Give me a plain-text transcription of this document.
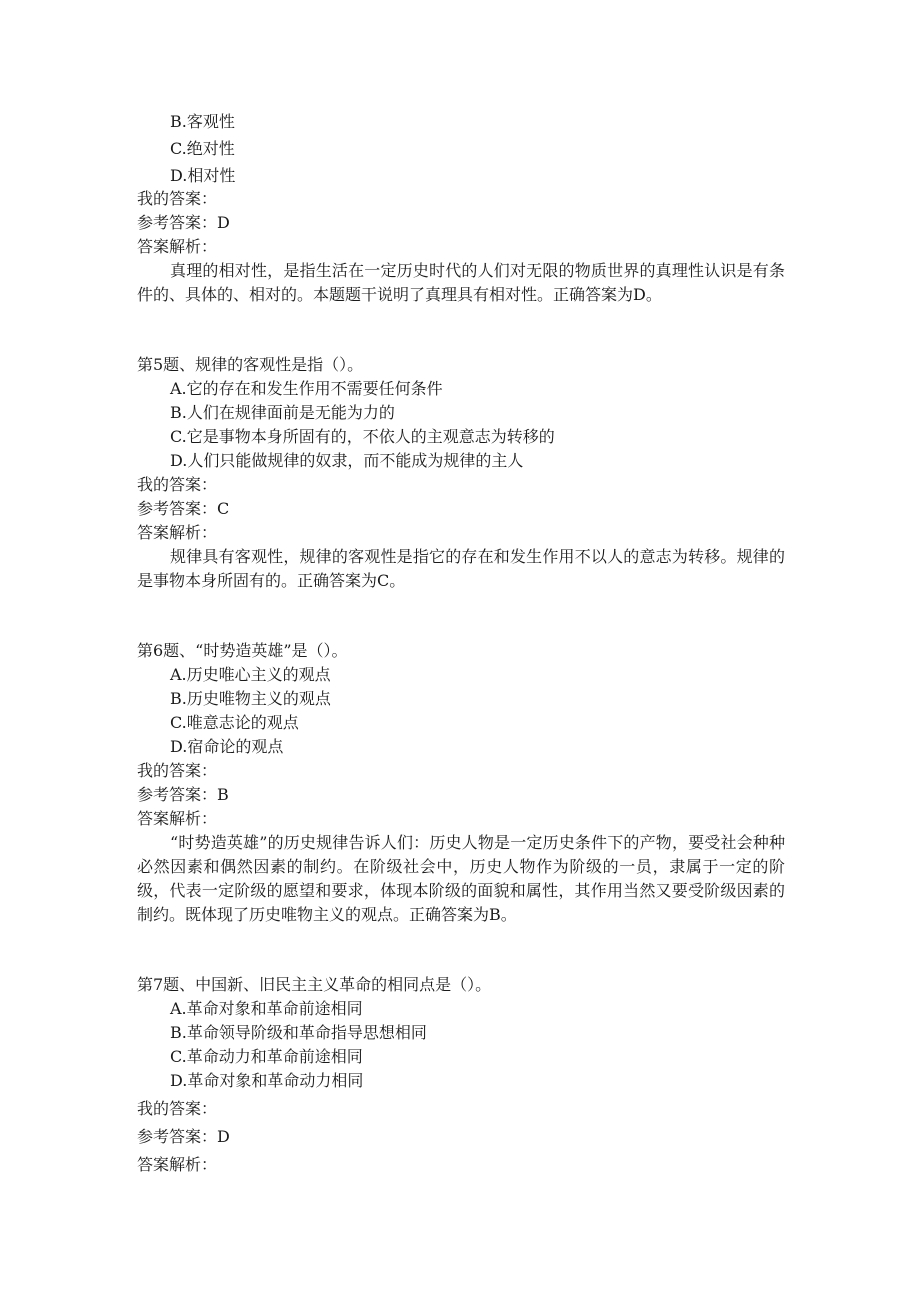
B.客观性
C.绝对性
D.相对性
我的答案：
参考答案：D
答案解析：
真理的相对性，是指生活在一定历史时代的人们对无限的物质世界的真理性认识是有条件的、具体的、相对的。本题题干说明了真理具有相对性。正确答案为D。
第5题、规律的客观性是指（）。
A.它的存在和发生作用不需要任何条件
B.人们在规律面前是无能为力的
C.它是事物本身所固有的，不依人的主观意志为转移的
D.人们只能做规律的奴隶，而不能成为规律的主人
我的答案：
参考答案：C
答案解析：
规律具有客观性，规律的客观性是指它的存在和发生作用不以人的意志为转移。规律的是事物本身所固有的。正确答案为C。
第6题、“时势造英雄”是（）。
A.历史唯心主义的观点
B.历史唯物主义的观点
C.唯意志论的观点
D.宿命论的观点
我的答案：
参考答案：B
答案解析：
“时势造英雄”的历史规律告诉人们：历史人物是一定历史条件下的产物，要受社会种种必然因素和偶然因素的制约。在阶级社会中，历史人物作为阶级的一员，隶属于一定的阶级，代表一定阶级的愿望和要求，体现本阶级的面貌和属性，其作用当然又要受阶级因素的制约。既体现了历史唯物主义的观点。正确答案为B。
第7题、中国新、旧民主主义革命的相同点是（）。
A.革命对象和革命前途相同
B.革命领导阶级和革命指导思想相同
C.革命动力和革命前途相同
D.革命对象和革命动力相同
我的答案：
参考答案：D
答案解析：
